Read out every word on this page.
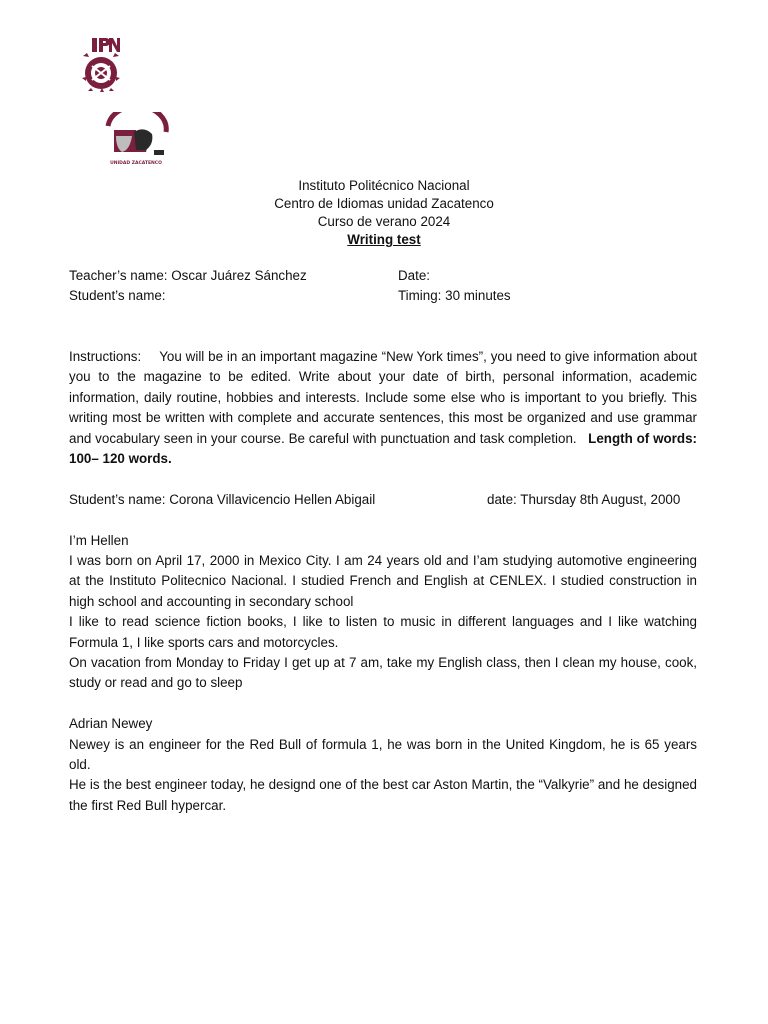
IPN
UNIDAD ZACATENCO
Instituto Politécnico Nacional
Centro de Idiomas unidad Zacatenco
Curso de verano 2024
Writing test
Teacher’s name: Oscar Juárez Sánchez	Date:
Student’s name:	Timing: 30 minutes

Instructions: You will be in an important magazine “New York times”, you need to give information about you to the magazine to be edited. Write about your date of birth, personal information, academic information, daily routine, hobbies and interests. Include some else who is important to you briefly. This writing most be written with complete and accurate sentences, this most be organized and use grammar and vocabulary seen in your course. Be careful with punctuation and task completion. Length of words: 100– 120 words.

Student’s name: Corona Villavicencio Hellen Abigail	date: Thursday 8th August, 2000

I’m Hellen

I was born on April 17, 2000 in Mexico City. I am 24 years old and I’am studying automotive engineering at the Instituto Politecnico Nacional. I studied French and English at CENLEX. I studied construction in high school and accounting in secondary school

I like to read science fiction books, I like to listen to music in different languages and I like watching Formula 1, I like sports cars and motorcycles.

On vacation from Monday to Friday I get up at 7 am, take my English class, then I clean my house, cook, study or read and go to sleep

Adrian Newey

Newey is an engineer for the Red Bull of formula 1, he was born in the United Kingdom, he is 65 years old.

He is the best engineer today, he designd one of the best car Aston Martin, the “Valkyrie” and he designed the first Red Bull hypercar.
